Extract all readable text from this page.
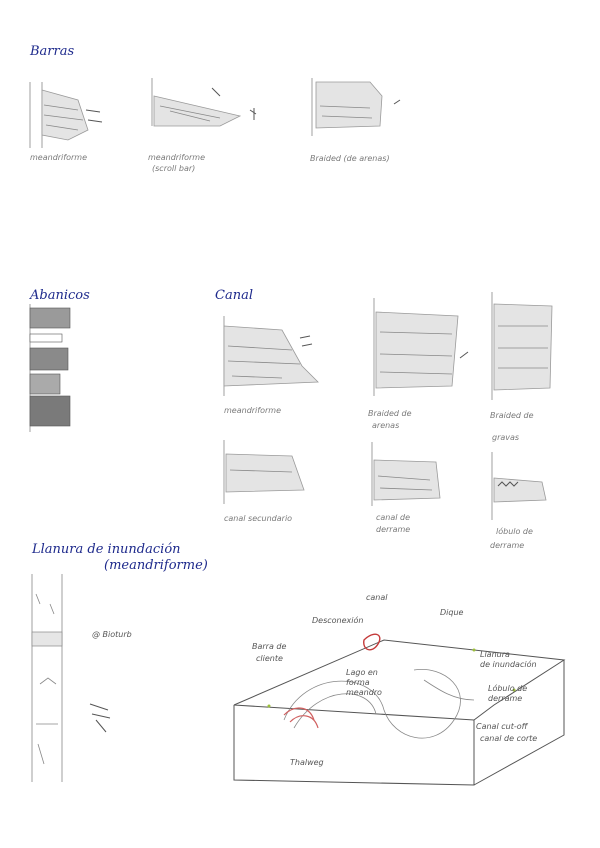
Barras
meandriforme	meandriforme
(scroll bar)
Braided (de arenas)
Abanicos	Canal
meandriforme	Braided de
arenas
Braided de
gravas
canal secundario	canal de
derrame	lóbulo de
derrame
Llanura de inundación
(meandriforme)
@ Bioturb
canal
Dique
Desconexión
Barra de
cliente	Llanura
de inundación
Lago en
forma
meandro	Lóbulo de
derrame
Canal cut-off
canal de corte
Thalweg
